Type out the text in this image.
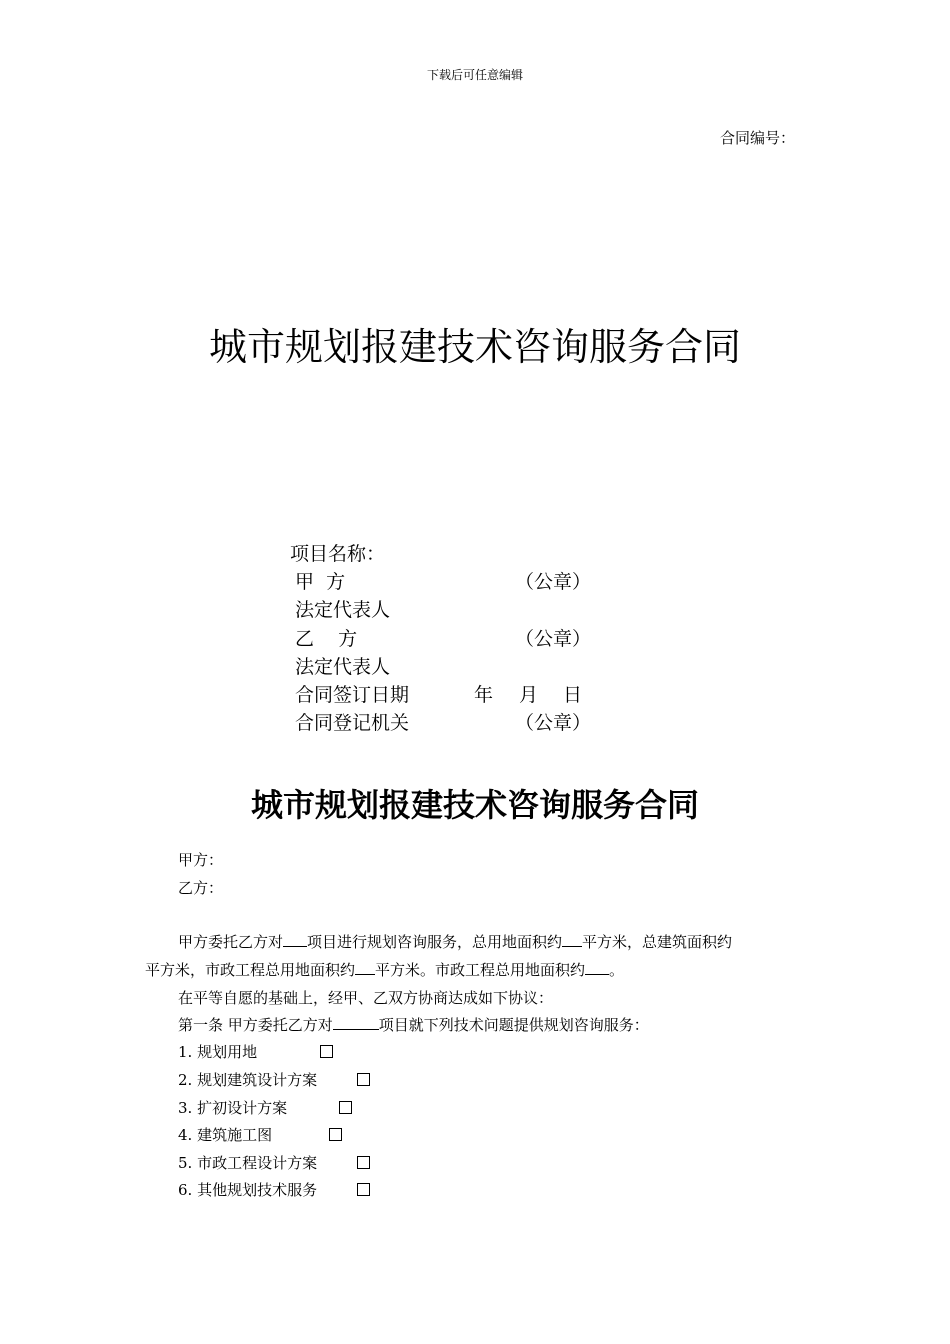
下载后可任意编辑
合同编号：
城市规划报建技术咨询服务合同
项目名称：
甲  方	（公章）
法定代表人
乙    方	（公章）
法定代表人
合同签订日期	年 月 日
合同登记机关	（公章）
城市规划报建技术咨询服务合同
甲方：
乙方：
甲方委托乙方对 项目进行规划咨询服务，总用地面积约 平方米，总建筑面积约
平方米，市政工程总用地面积约 平方米。市政工程总用地面积约 。
在平等自愿的基础上，经甲、乙双方协商达成如下协议：
第一条 甲方委托乙方对	项目就下列技术问题提供规划咨询服务：
1. 规划用地
2. 规划建筑设计方案
3. 扩初设计方案
4. 建筑施工图
5. 市政工程设计方案
6. 其他规划技术服务
